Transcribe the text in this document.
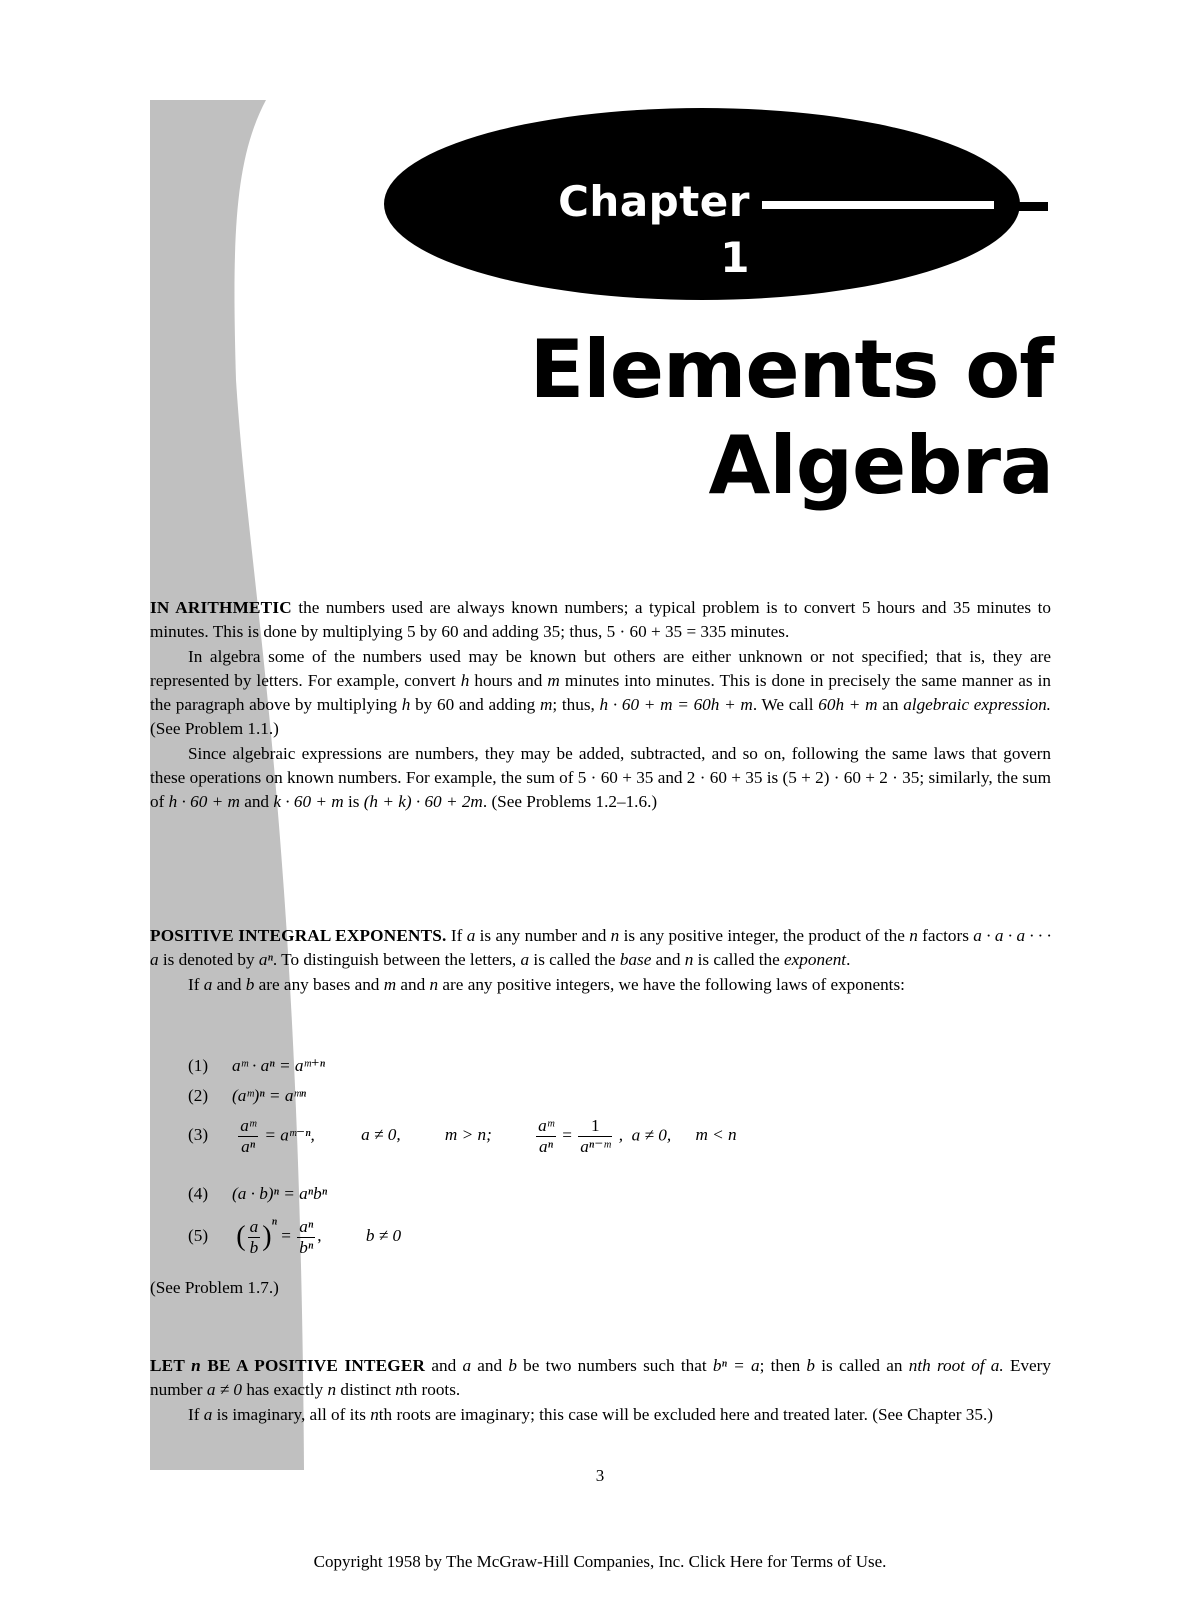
Chapter 1
Elements of Algebra

IN ARITHMETIC the numbers used are always known numbers; a typical problem is to convert 5 hours and 35 minutes to minutes. This is done by multiplying 5 by 60 and adding 35; thus, 5 · 60 + 35 = 335 minutes.

In algebra some of the numbers used may be known but others are either unknown or not specified; that is, they are represented by letters. For example, convert h hours and m minutes into minutes. This is done in precisely the same manner as in the paragraph above by multiplying h by 60 and adding m; thus, h · 60 + m = 60h + m. We call 60h + m an algebraic expression. (See Problem 1.1.)

Since algebraic expressions are numbers, they may be added, subtracted, and so on, following the same laws that govern these operations on known numbers. For example, the sum of 5 · 60 + 35 and 2 · 60 + 35 is (5 + 2) · 60 + 2 · 35; similarly, the sum of h · 60 + m and k · 60 + m is (h + k) · 60 + 2m. (See Problems 1.2–1.6.)

POSITIVE INTEGRAL EXPONENTS. If a is any number and n is any positive integer, the product of the n factors a · a · a · · · a is denoted by aⁿ. To distinguish between the letters, a is called the base and n is called the exponent.

If a and b are any bases and m and n are any positive integers, we have the following laws of exponents:

(1) aᵐ · aⁿ = aᵐ⁺ⁿ
(2) (aᵐ)ⁿ = aᵐⁿ
$(3) \frac{\text{aᵐ}}{\text{aⁿ}}$ = aᵐ⁻ⁿ,	a ≠ 0,	m > n;	$\frac{\text{aᵐ}}{\text{aⁿ}} = \frac{1}{\text{aⁿ⁻ᵐ}}$ ,  a ≠ 0, m < n
(4) (a · b)ⁿ = aⁿbⁿ
(5) ( $\frac{a}{b} )^n = \frac{\text{aⁿ}}{\text{bⁿ}}$ ,	b ≠ 0
(See Problem 1.7.)

LET n BE A POSITIVE INTEGER and a and b be two numbers such that bⁿ = a; then b is called an nth root of a. Every number a ≠ 0 has exactly n distinct nth roots.

If a is imaginary, all of its nth roots are imaginary; this case will be excluded here and treated later. (See Chapter 35.)

3
Copyright 1958 by The McGraw-Hill Companies, Inc. Click Here for Terms of Use.
